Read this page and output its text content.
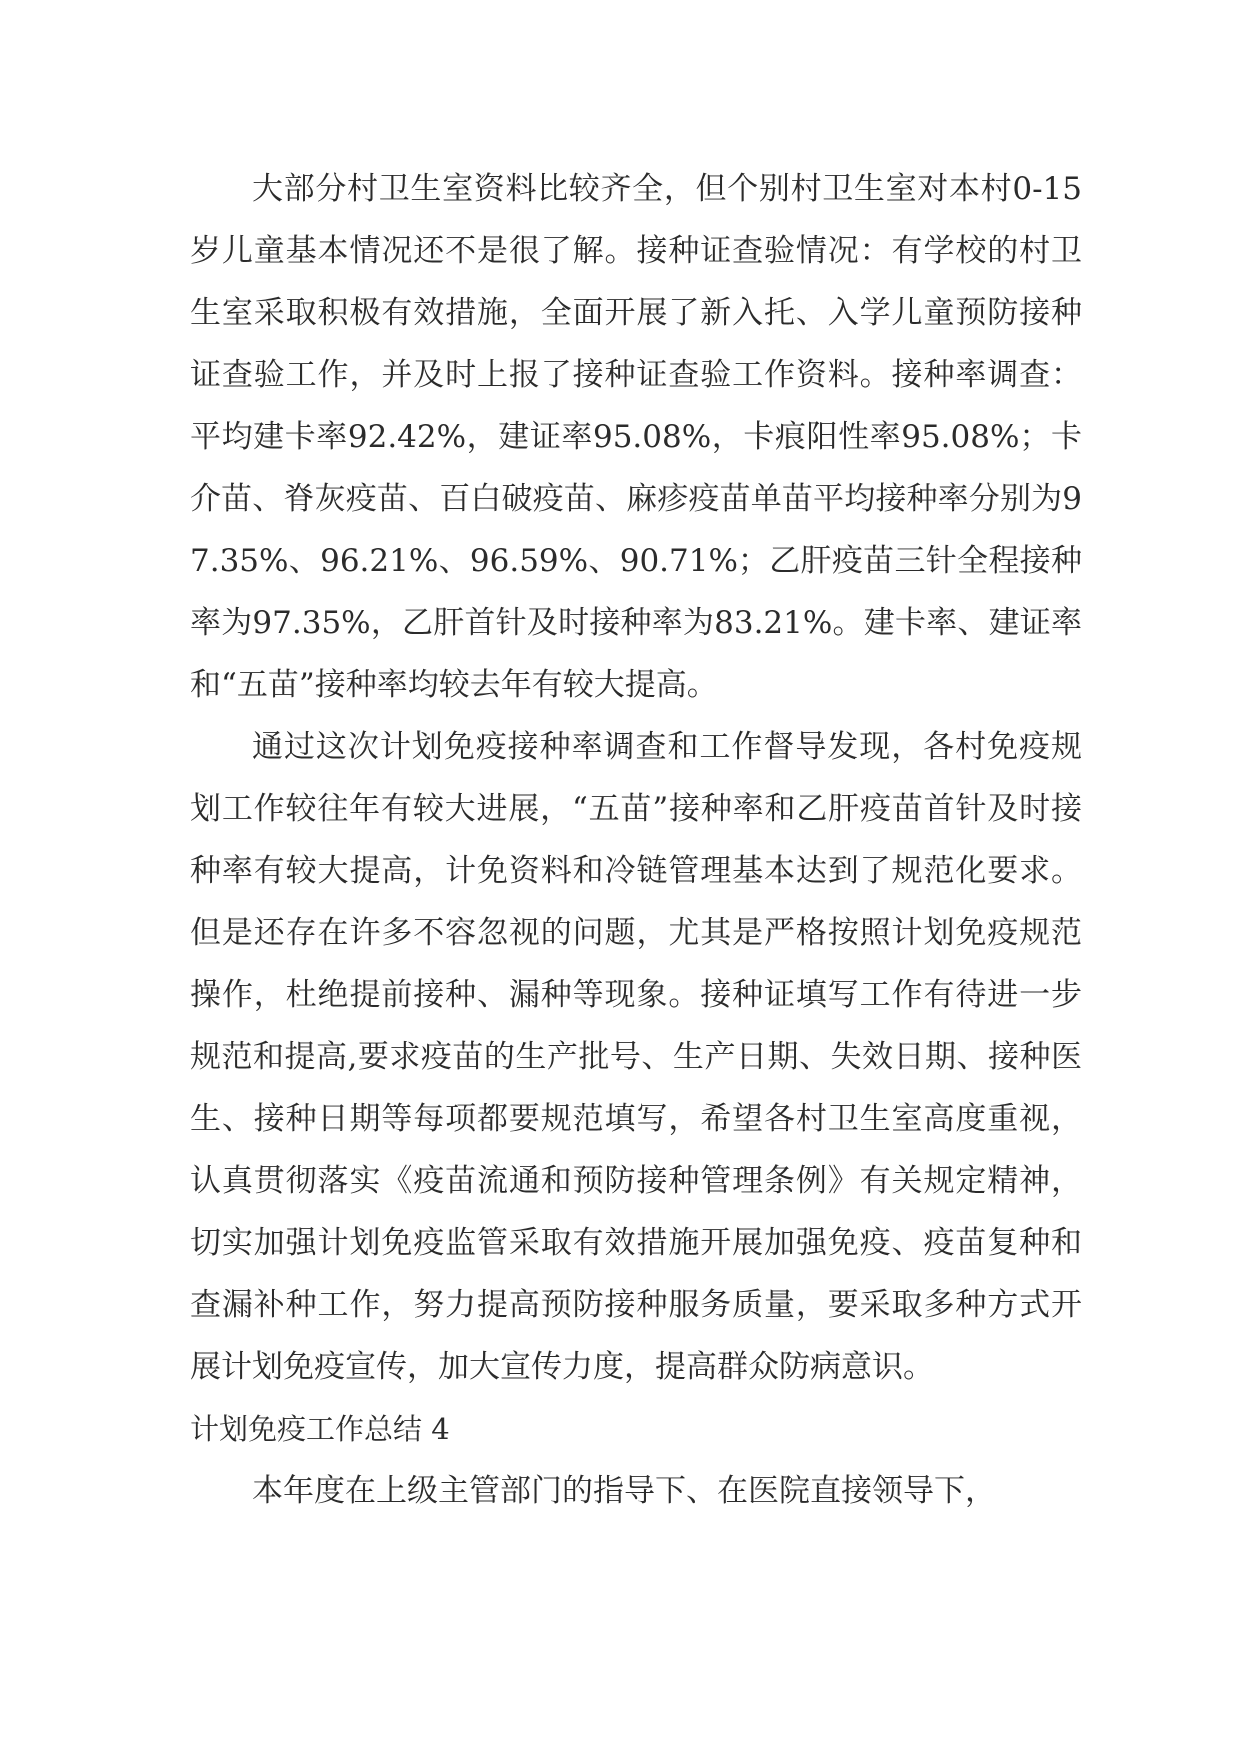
大部分村卫生室资料比较齐全，但个别村卫生室对本村0-15岁儿童基本情况还不是很了解。接种证查验情况：有学校的村卫生室采取积极有效措施，全面开展了新入托、入学儿童预防接种证查验工作，并及时上报了接种证查验工作资料。接种率调查：平均建卡率92.42%，建证率95.08%，卡痕阳性率95.08%；卡介苗、脊灰疫苗、百白破疫苗、麻疹疫苗单苗平均接种率分别为97.35%、96.21%、96.59%、90.71%；乙肝疫苗三针全程接种率为97.35%，乙肝首针及时接种率为83.21%。建卡率、建证率和“五苗”接种率均较去年有较大提高。

通过这次计划免疫接种率调查和工作督导发现，各村免疫规划工作较往年有较大进展，“五苗”接种率和乙肝疫苗首针及时接种率有较大提高，计免资料和冷链管理基本达到了规范化要求。但是还存在许多不容忽视的问题，尤其是严格按照计划免疫规范操作，杜绝提前接种、漏种等现象。接种证填写工作有待进一步规范和提高,要求疫苗的生产批号、生产日期、失效日期、接种医生、接种日期等每项都要规范填写，希望各村卫生室高度重视，认真贯彻落实《疫苗流通和预防接种管理条例》有关规定精神，切实加强计划免疫监管采取有效措施开展加强免疫、疫苗复种和查漏补种工作，努力提高预防接种服务质量，要采取多种方式开展计划免疫宣传，加大宣传力度，提高群众防病意识。

计划免疫工作总结 4

本年度在上级主管部门的指导下、在医院直接领导下，
